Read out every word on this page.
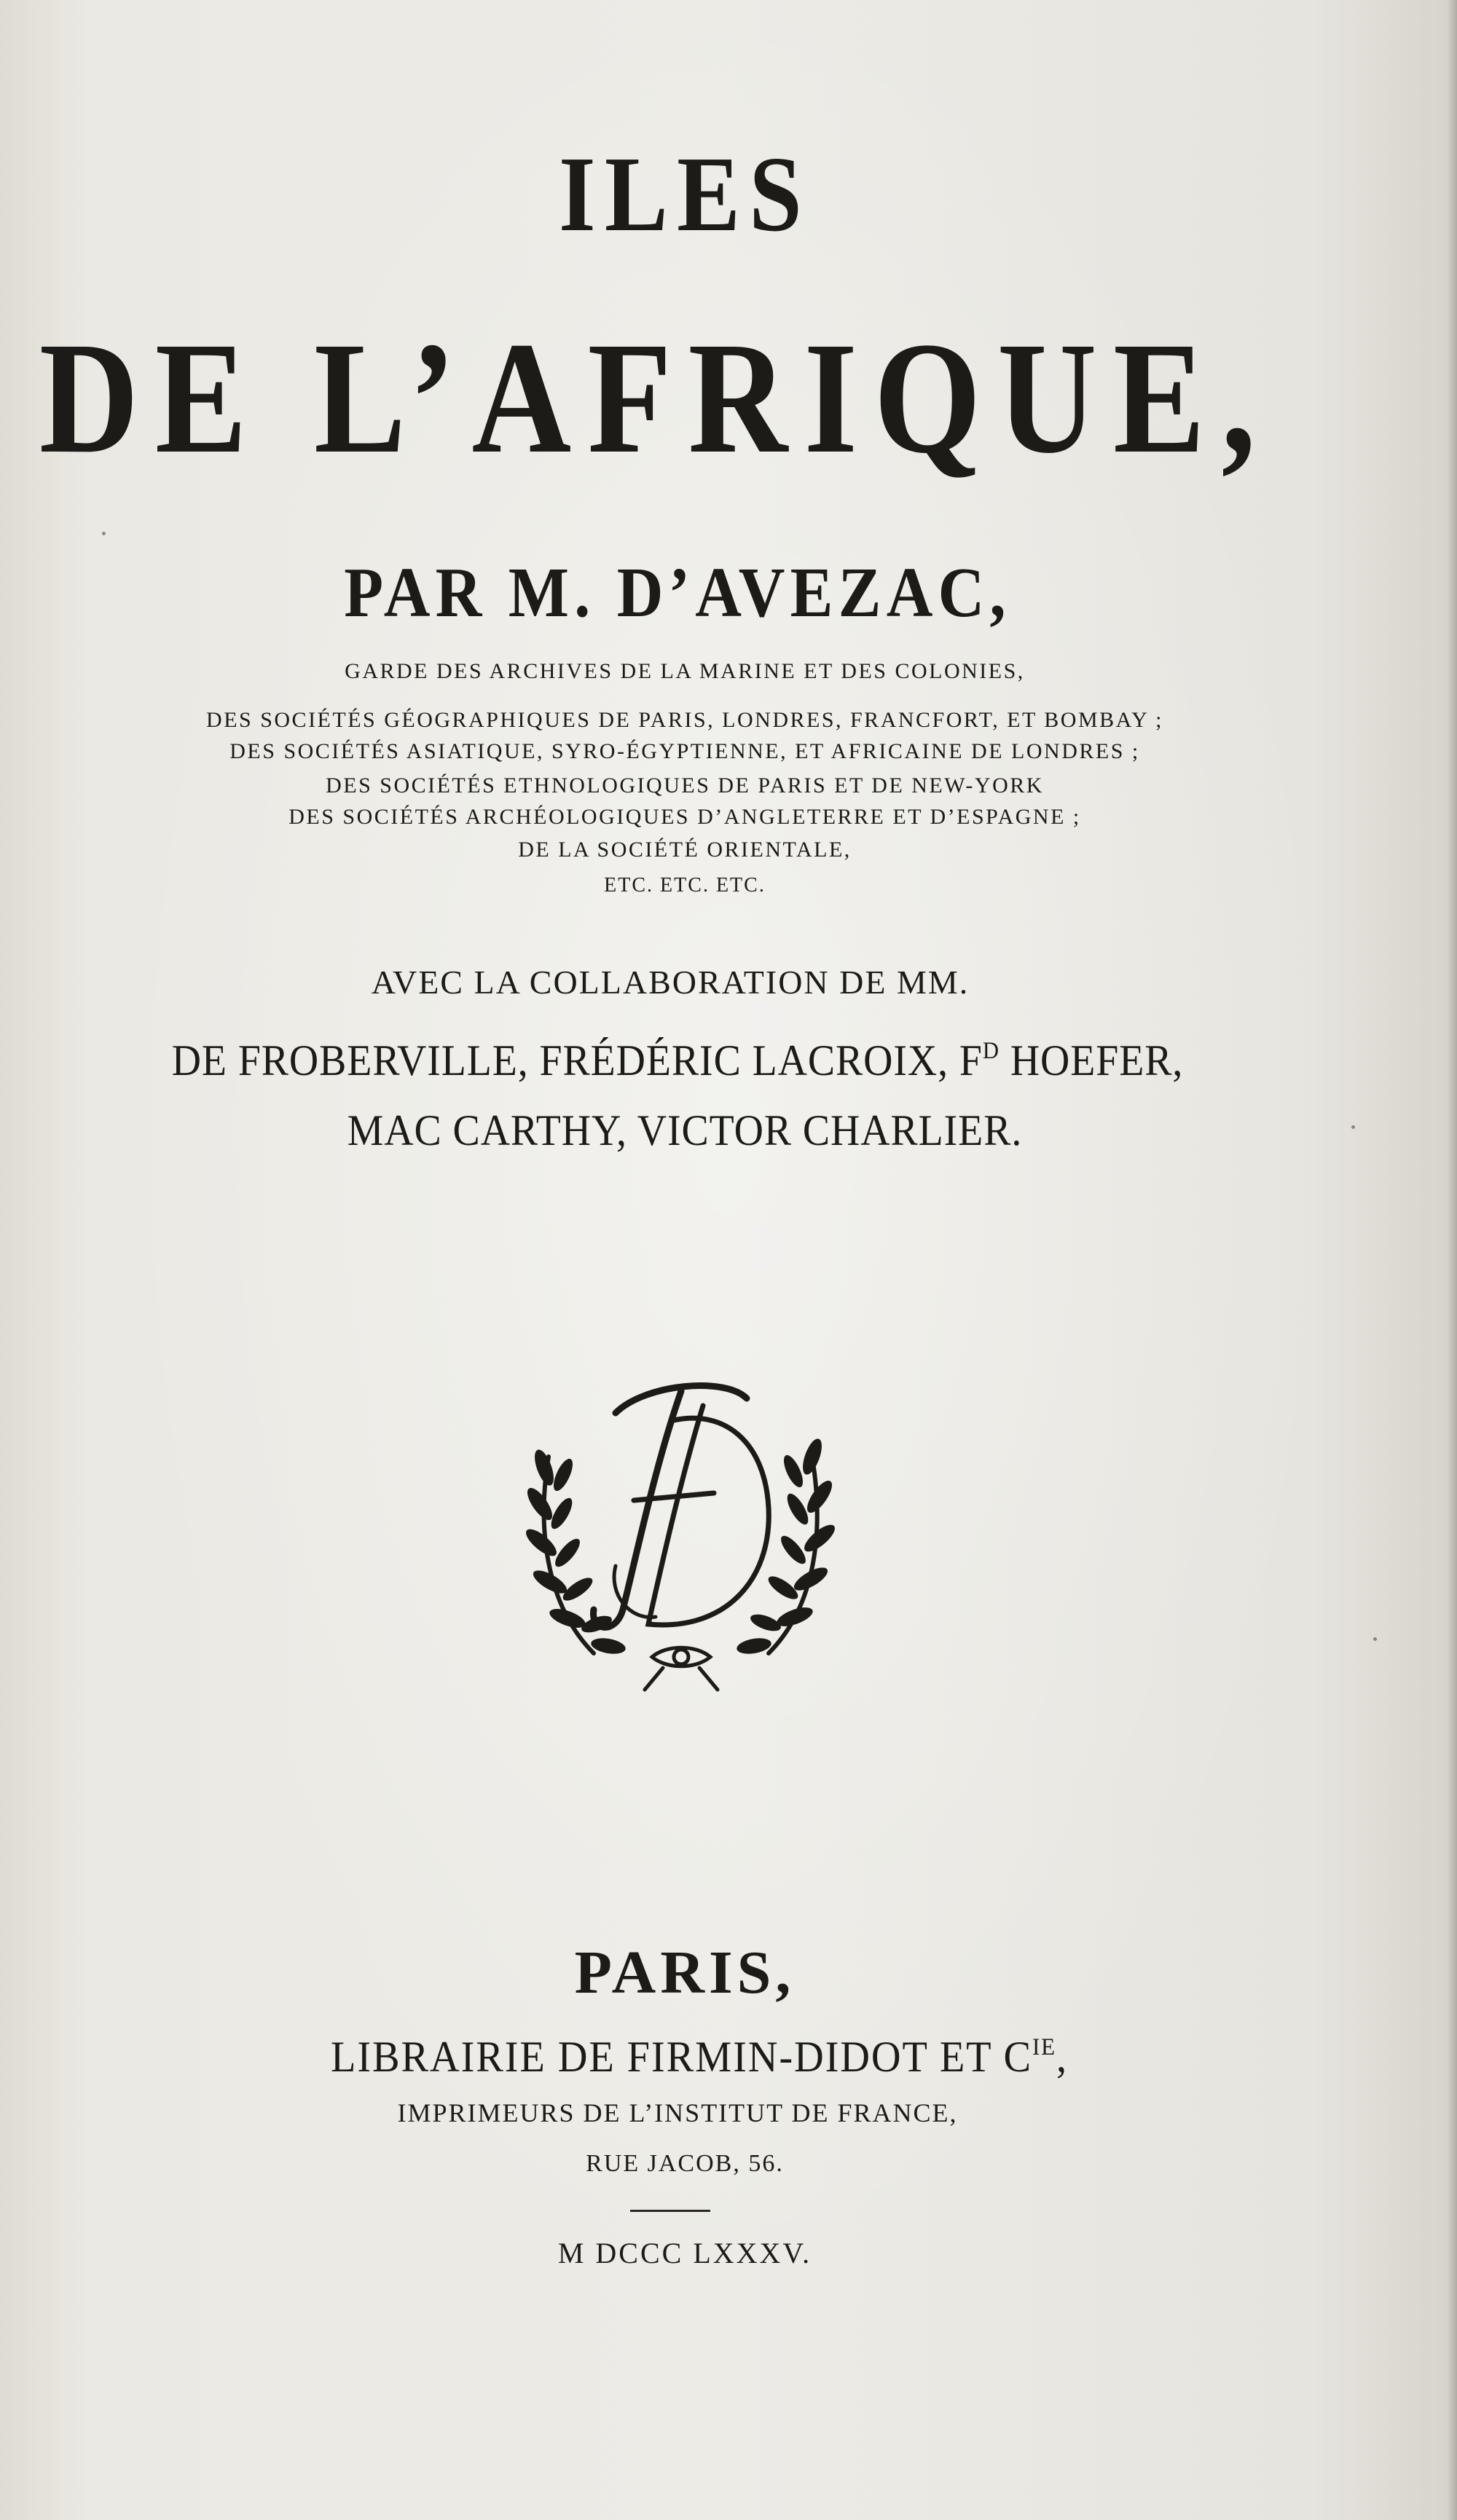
ILES
DE L’AFRIQUE,
PAR M. D’AVEZAC,
GARDE DES ARCHIVES DE LA MARINE ET DES COLONIES,
DES SOCIÉTÉS GÉOGRAPHIQUES DE PARIS, LONDRES, FRANCFORT, ET BOMBAY ;
DES SOCIÉTÉS ASIATIQUE, SYRO-ÉGYPTIENNE, ET AFRICAINE DE LONDRES ;
DES SOCIÉTÉS ETHNOLOGIQUES DE PARIS ET DE NEW-YORK
DES SOCIÉTÉS ARCHÉOLOGIQUES D’ANGLETERRE ET D’ESPAGNE ;
DE LA SOCIÉTÉ ORIENTALE,
ETC. ETC. ETC.
AVEC LA COLLABORATION DE MM.
DE FROBERVILLE, FRÉDÉRIC LACROIX, $F^D$ HOEFER,
MAC CARTHY, VICTOR CHARLIER.
PARIS,
LIBRAIRIE DE FIRMIN-DIDOT ET $C^{IE}$,
IMPRIMEURS DE L’INSTITUT DE FRANCE,
RUE JACOB, 56.
M DCCC LXXXV.
